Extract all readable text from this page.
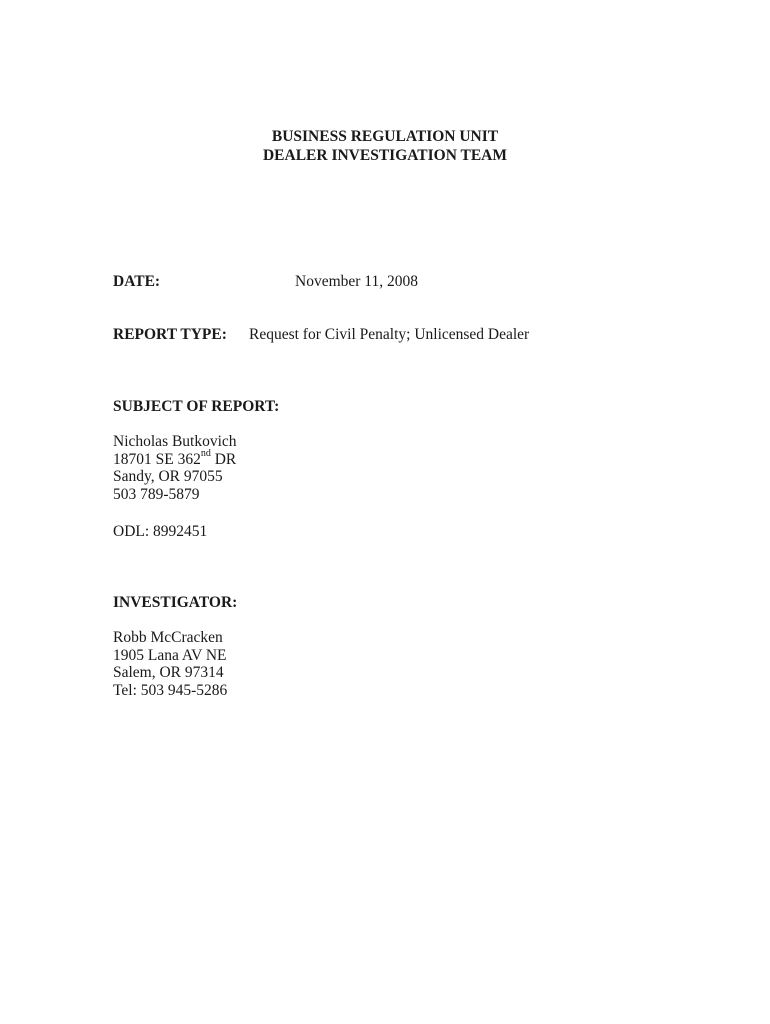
BUSINESS REGULATION UNIT
DEALER INVESTIGATION TEAM
DATE:	November 11, 2008
REPORT TYPE: Request for Civil Penalty; Unlicensed Dealer
SUBJECT OF REPORT:
Nicholas Butkovich
18701 SE 362nd DR
Sandy, OR 97055
503 789-5879
ODL: 8992451
INVESTIGATOR:
Robb McCracken
1905 Lana AV NE
Salem, OR 97314
Tel: 503 945-5286
